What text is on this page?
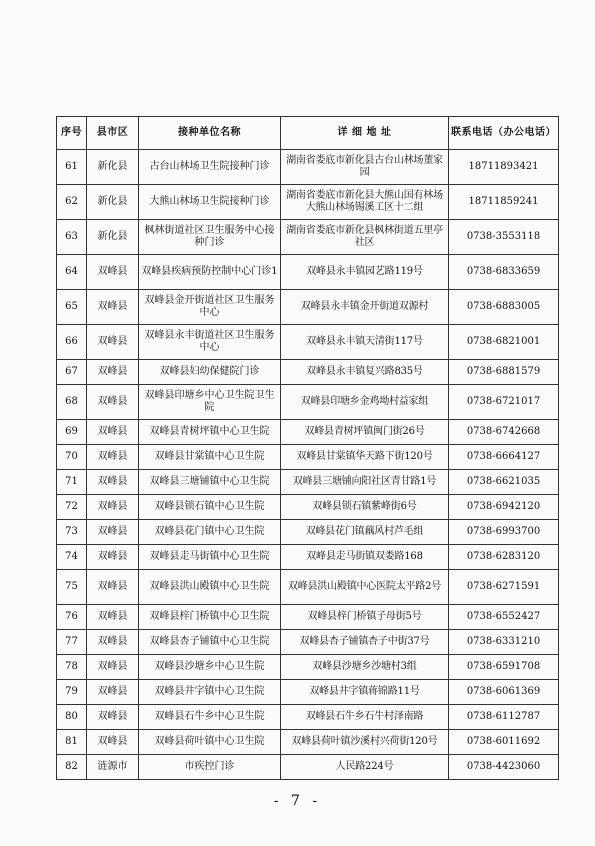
序号	县市区	接种单位名称	详 细 地 址	联系电话（办公电话）
61	新化县	古台山林场卫生院接种门诊	湖南省娄底市新化县古台山林场董家园	18711893421
62	新化县	大熊山林场卫生院接种门诊	湖南省娄底市新化县大熊山国有林场大熊山林场锡溪工区十二组	18711859241
63	新化县	枫林街道社区卫生服务中心接种门诊	湖南省娄底市新化县枫林街道五里亭社区	0738-3553118
64	双峰县	双峰县疾病预防控制中心门诊1	双峰县永丰镇园艺路119号	0738-6833659
65	双峰县	双峰县金开街道社区卫生服务中心	双峰县永丰镇金开街道双源村	0738-6883005
66	双峰县	双峰县永丰街道社区卫生服务中心	双峰县永丰镇天清街117号	0738-6821001
67	双峰县	双峰县妇幼保健院门诊	双峰县永丰镇复兴路835号	0738-6881579
68	双峰县	双峰县印塘乡中心卫生院卫生院	双峰县印塘乡金鸡坳村益家组	0738-6721017
69	双峰县	双峰县青树坪镇中心卫生院	双峰县青树坪镇闽门街26号	0738-6742668
70	双峰县	双峰县甘棠镇中心卫生院	双峰县甘棠镇华天路下街120号	0738-6664127
71	双峰县	双峰县三塘铺镇中心卫生院	双峰县三塘铺向阳社区青甘路1号	0738-6621035
72	双峰县	双峰县锁石镇中心卫生院	双峰县锁石镇紫峰街6号	0738-6942120
73	双峰县	双峰县花门镇中心卫生院	双峰县花门镇藕风村芦毛组	0738-6993700
74	双峰县	双峰县走马街镇中心卫生院	双峰县走马街镇双娄路168	0738-6283120
75	双峰县	双峰县洪山殿镇中心卫生院	双峰县洪山殿镇中心医院太平路2号	0738-6271591
76	双峰县	双峰县梓门桥镇中心卫生院	双峰县梓门桥镇子母街5号	0738-6552427
77	双峰县	双峰县杏子铺镇中心卫生院	双峰县杏子铺镇杏子中街37号	0738-6331210
78	双峰县	双峰县沙塘乡中心卫生院	双峰县沙塘乡沙塘村3组	0738-6591708
79	双峰县	双峰县井字镇中心卫生院	双峰县井字镇蒋锦路11号	0738-6061369
80	双峰县	双峰县石牛乡中心卫生院	双峰县石牛乡石牛村泽南路	0738-6112787
81	双峰县	双峰县荷叶镇中心卫生院	双峰县荷叶镇沙溪村兴荷街120号	0738-6011692
82	涟源市	市疾控门诊	人民路224号	0738-4423060
- 7 -
